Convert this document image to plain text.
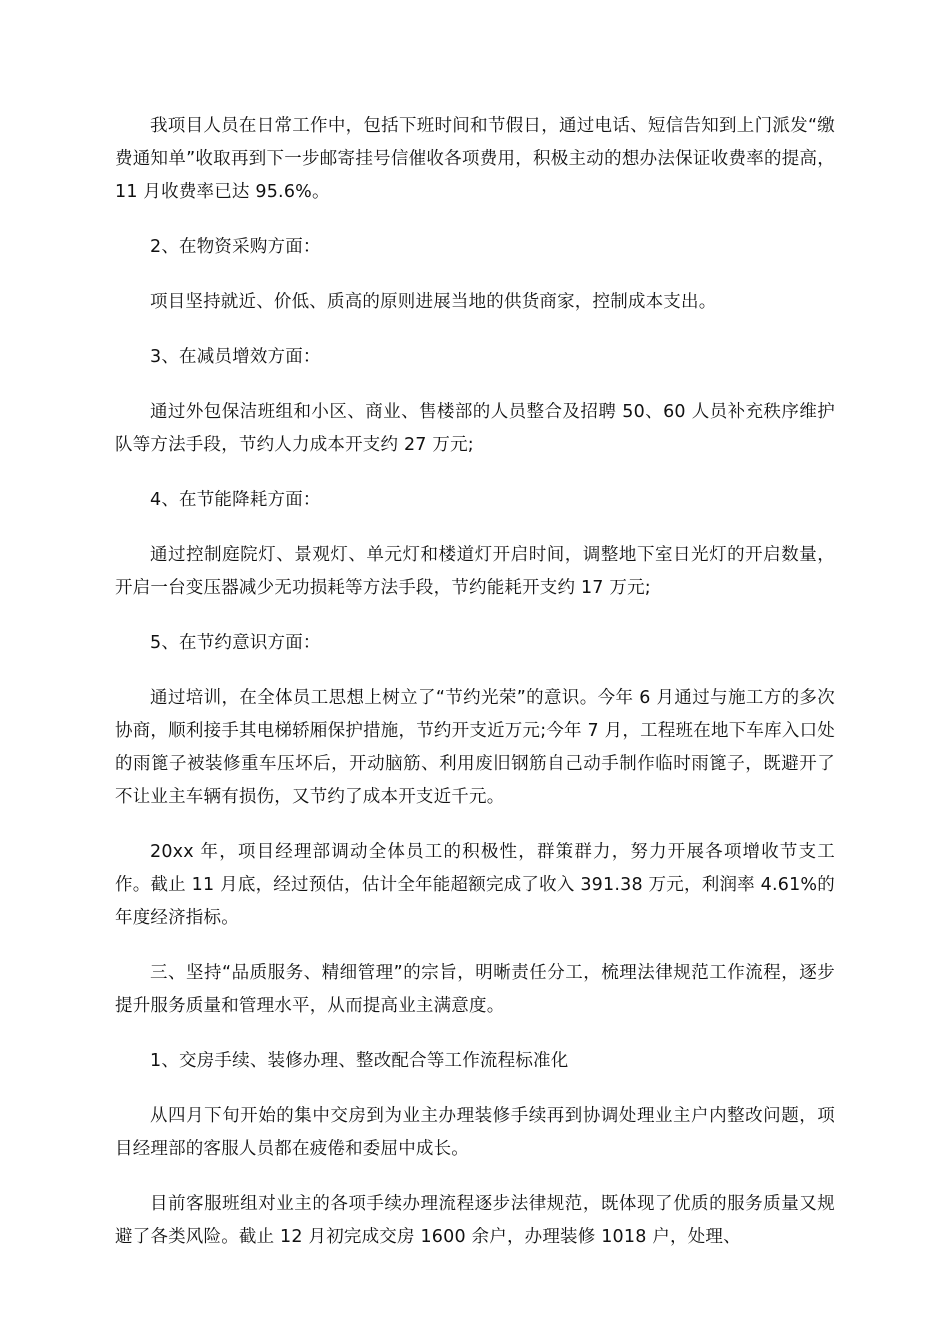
我项目人员在日常工作中，包括下班时间和节假日，通过电话、短信告知到上门派发“缴费通知单”收取再到下一步邮寄挂号信催收各项费用，积极主动的想办法保证收费率的提高，11 月收费率已达 95.6%。

2、在物资采购方面：

项目坚持就近、价低、质高的原则进展当地的供货商家，控制成本支出。

3、在减员增效方面：

通过外包保洁班组和小区、商业、售楼部的人员整合及招聘 50、60 人员补充秩序维护队等方法手段，节约人力成本开支约 27 万元;

4、在节能降耗方面：

通过控制庭院灯、景观灯、单元灯和楼道灯开启时间，调整地下室日光灯的开启数量，开启一台变压器减少无功损耗等方法手段，节约能耗开支约 17 万元;

5、在节约意识方面：

通过培训，在全体员工思想上树立了“节约光荣”的意识。今年 6 月通过与施工方的多次协商，顺利接手其电梯轿厢保护措施，节约开支近万元;今年 7 月，工程班在地下车库入口处的雨篦子被装修重车压坏后，开动脑筋、利用废旧钢筋自己动手制作临时雨篦子，既避开了不让业主车辆有损伤，又节约了成本开支近千元。

20xx 年，项目经理部调动全体员工的积极性，群策群力，努力开展各项增收节支工作。截止 11 月底，经过预估，估计全年能超额完成了收入 391.38 万元，利润率 4.61%的年度经济指标。

三、坚持“品质服务、精细管理”的宗旨，明晰责任分工，梳理法律规范工作流程，逐步提升服务质量和管理水平，从而提高业主满意度。

1、交房手续、装修办理、整改配合等工作流程标准化

从四月下旬开始的集中交房到为业主办理装修手续再到协调处理业主户内整改问题，项目经理部的客服人员都在疲倦和委屈中成长。

目前客服班组对业主的各项手续办理流程逐步法律规范，既体现了优质的服务质量又规避了各类风险。截止 12 月初完成交房 1600 余户，办理装修 1018 户，处理、
